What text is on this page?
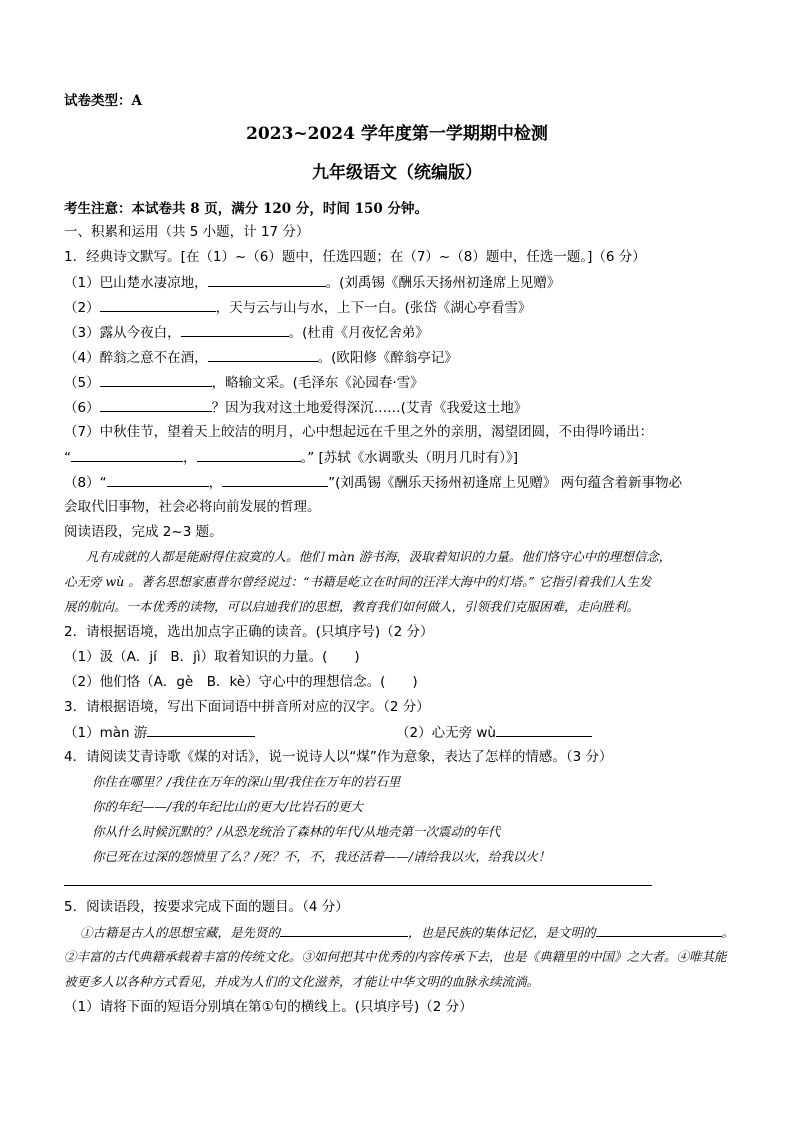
试卷类型：A
2023~2024 学年度第一学期期中检测
九年级语文（统编版）
考生注意：本试卷共 8 页，满分 120 分，时间 150 分钟。
一、积累和运用（共 5 小题，计 17 分）
1．经典诗文默写。[在（1）~（6）题中，任选四题；在（7）~（8）题中，任选一题。]（6 分）
（1）巴山楚水凄凉地，	。(刘禹锡《酬乐天扬州初逢席上见赠》
（2）	，天与云与山与水，上下一白。(张岱《湖心亭看雪》
（3）露从今夜白，	。(杜甫《月夜忆舍弟》
（4）醉翁之意不在酒，	。(欧阳修《醉翁亭记》
（5）	，略输文采。(毛泽东《沁园春·雪》
（6）	？因为我对这土地爱得深沉……(艾青《我爱这土地》
（7）中秋佳节，望着天上皎洁的明月，心中想起远在千里之外的亲朋，渴望团圆，不由得吟诵出：
“	，	。” [苏轼《水调歌头（明月几时有）》]
（8）“	，	”(刘禹锡《酬乐天扬州初逢席上见赠》 两句蕴含着新事物必
会取代旧事物，社会必将向前发展的哲理。
阅读语段，完成 2~3 题。
凡有成就的人都是能耐得住寂寞的人。他们 màn 游书海，汲取着知识的力量。他们恪守心中的理想信念，
心无旁 wù 。著名思想家惠普尔曾经说过：“书籍是屹立在时间的汪洋大海中的灯塔。” 它指引着我们人生发
展的航向。一本优秀的读物，可以启迪我们的思想，教育我们如何做人，引领我们克服困难，走向胜利。
2．请根据语境，选出加点字正确的读音。(只填序号)（2 分）
（1）汲（A．jí　B．jì）取着知识的力量。(　　)
（2）他们恪（A．gè　B．kè）守心中的理想信念。(　　)
3．请根据语境，写出下面词语中拼音所对应的汉字。（2 分）
（1）màn 游	（2）心无旁 wù
4．请阅读艾青诗歌《煤的对话》，说一说诗人以“煤”作为意象，表达了怎样的情感。（3 分）
你住在哪里？/我住在万年的深山里/我住在万年的岩石里
你的年纪——/我的年纪比山的更大/比岩石的更大
你从什么时候沉默的？/从恐龙统治了森林的年代/从地壳第一次震动的年代
你已死在过深的怨愤里了么？/死？不，不，我还活着——/请给我以火，给我以火！
5．阅读语段，按要求完成下面的题目。（4 分）
①古籍是古人的思想宝藏，是先贤的	，也是民族的集体记忆，是文明的	。
②丰富的古代典籍承载着丰富的传统文化。③如何把其中优秀的内容传承下去，也是《典籍里的中国》之大者。④唯其能
被更多人以各种方式看见，并成为人们的文化滋养，才能让中华文明的血脉永续流淌。
（1）请将下面的短语分别填在第①句的横线上。(只填序号)（2 分）
